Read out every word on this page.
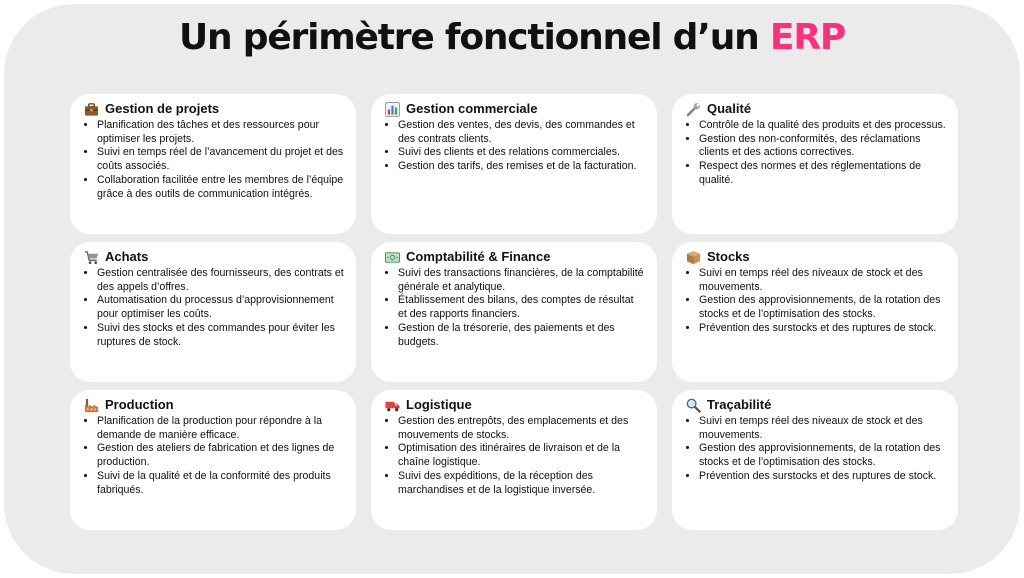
Un périmètre fonctionnel d’un ERP
Gestion de projets
• Planification des tâches et des ressources pour optimiser les projets.
• Suivi en temps réel de l’avancement du projet et des coûts associés.
• Collaboration facilitée entre les membres de l’équipe grâce à des outils de communication intégrés.
Gestion commerciale
• Gestion des ventes, des devis, des commandes et des contrats clients.
• Suivi des clients et des relations commerciales.
• Gestion des tarifs, des remises et de la facturation.
Qualité
• Contrôle de la qualité des produits et des processus.
• Gestion des non-conformités, des réclamations clients et des actions correctives.
• Respect des normes et des réglementations de qualité.
Achats
• Gestion centralisée des fournisseurs, des contrats et des appels d’offres.
• Automatisation du processus d’approvisionnement pour optimiser les coûts.
• Suivi des stocks et des commandes pour éviter les ruptures de stock.
Comptabilité & Finance
• Suivi des transactions financières, de la comptabilité générale et analytique.
• Établissement des bilans, des comptes de résultat et des rapports financiers.
• Gestion de la trésorerie, des paiements et des budgets.
Stocks
• Suivi en temps réel des niveaux de stock et des mouvements.
• Gestion des approvisionnements, de la rotation des stocks et de l’optimisation des stocks.
• Prévention des surstocks et des ruptures de stock.
Production
• Planification de la production pour répondre à la demande de manière efficace.
• Gestion des ateliers de fabrication et des lignes de production.
• Suivi de la qualité et de la conformité des produits fabriqués.
Logistique
• Gestion des entrepôts, des emplacements et des mouvements de stocks.
• Optimisation des itinéraires de livraison et de la chaîne logistique.
• Suivi des expéditions, de la réception des marchandises et de la logistique inversée.
Traçabilité
• Suivi en temps réel des niveaux de stock et des mouvements.
• Gestion des approvisionnements, de la rotation des stocks et de l’optimisation des stocks.
• Prévention des surstocks et des ruptures de stock.
